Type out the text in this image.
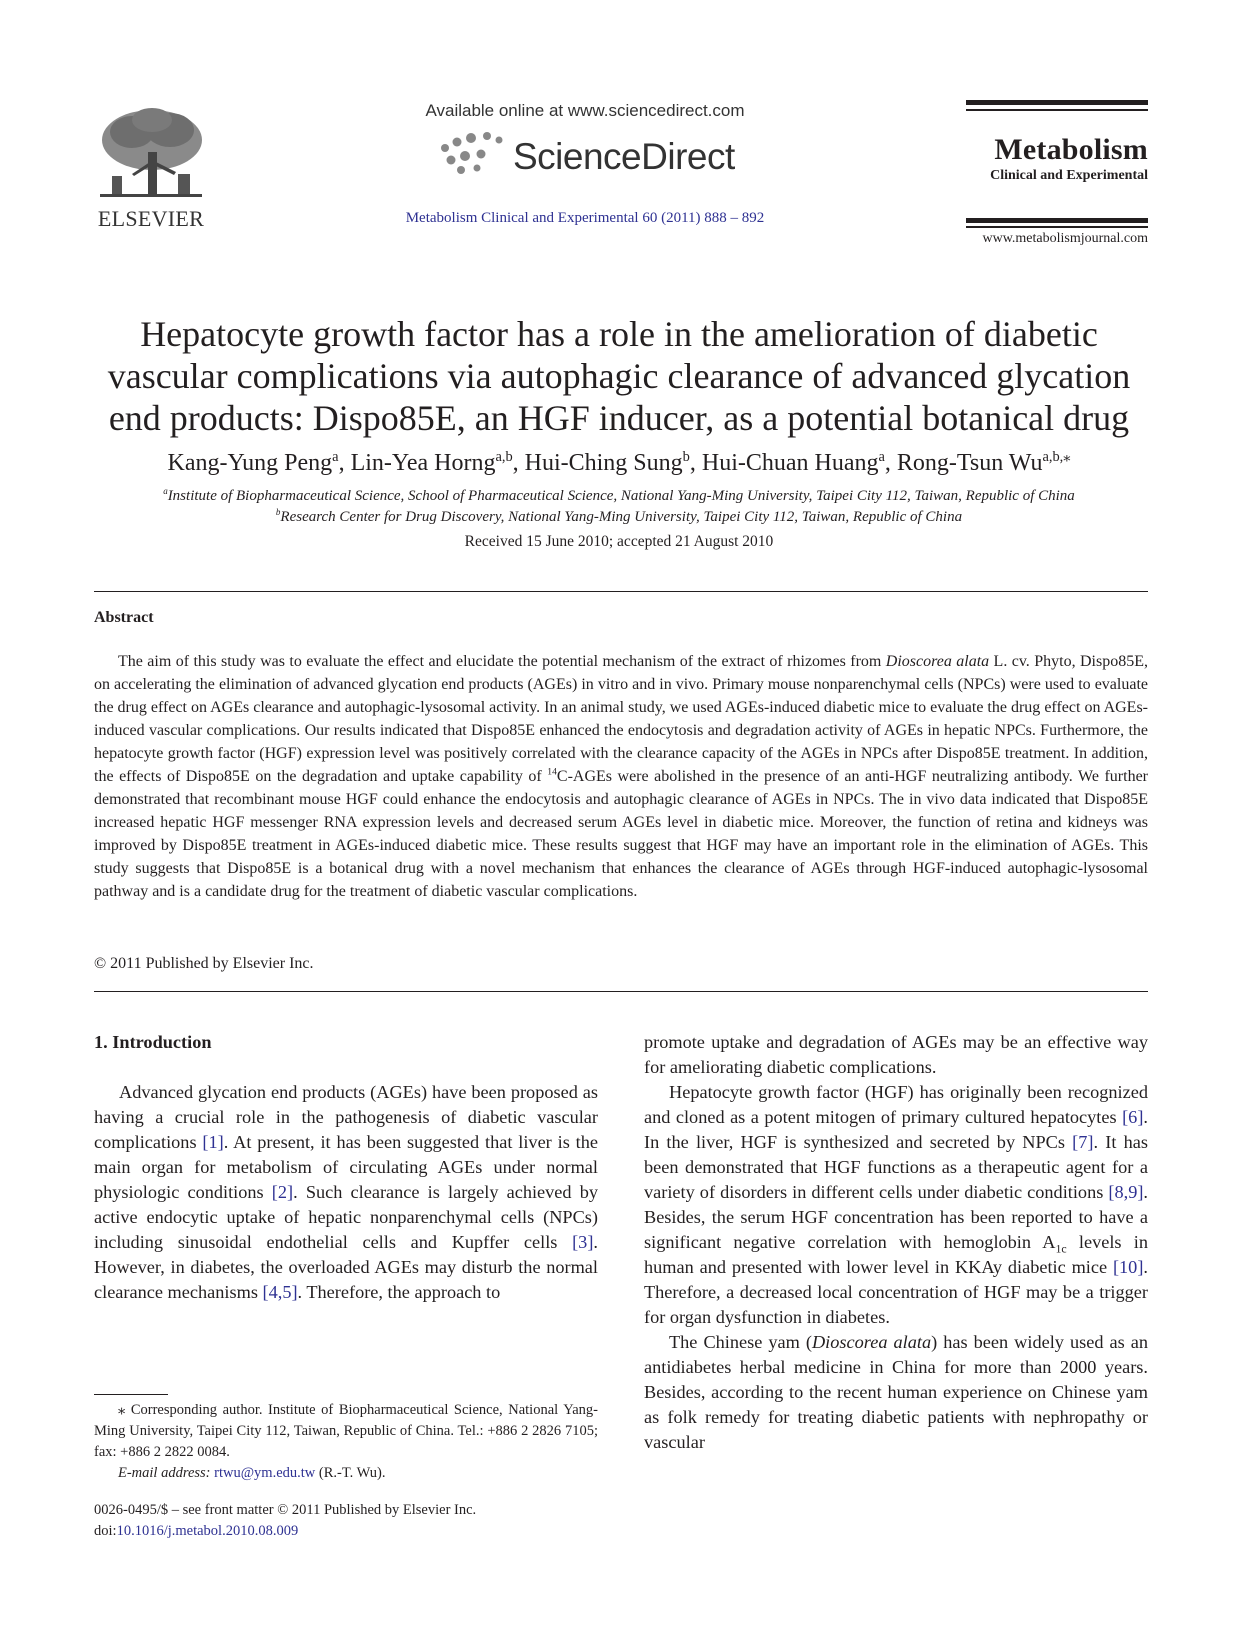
ELSEVIER
Available online at www.sciencedirect.com
ScienceDirect
Metabolism Clinical and Experimental 60 (2011) 888 – 892
Metabolism
Clinical and Experimental
www.metabolismjournal.com
Hepatocyte growth factor has a role in the amelioration of diabetic
vascular complications via autophagic clearance of advanced glycation
end products: Dispo85E, an HGF inducer, as a potential botanical drug
Kang-Yung Peng$^a$, Lin-Yea Horng$^{a,b}$, Hui-Ching Sung$^b$, Hui-Chuan Huang$^a$, Rong-Tsun $Wu^{a,b,⁎}$
$^a$Institute of Biopharmaceutical Science, School of Pharmaceutical Science, National Yang-Ming University, Taipei City 112, Taiwan, Republic of China
$^b$Research Center for Drug Discovery, National Yang-Ming University, Taipei City 112, Taiwan, Republic of China
Received 15 June 2010; accepted 21 August 2010
Abstract

The aim of this study was to evaluate the effect and elucidate the potential mechanism of the extract of rhizomes from Dioscorea alata L. cv. Phyto, Dispo85E, on accelerating the elimination of advanced glycation end products (AGEs) in vitro and in vivo. Primary mouse nonparenchymal cells (NPCs) were used to evaluate the drug effect on AGEs clearance and autophagic-lysosomal activity. In an animal study, we used AGEs-induced diabetic mice to evaluate the drug effect on AGEs-induced vascular complications. Our results indicated that Dispo85E enhanced the endocytosis and degradation activity of AGEs in hepatic NPCs. Furthermore, the hepatocyte growth factor (HGF) expression level was positively correlated with the clearance capacity of the AGEs in NPCs after Dispo85E treatment. In addition, the effects of Dispo85E on the degradation and uptake capability of $^{14}$C-AGEs were abolished in the presence of an anti-HGF neutralizing antibody. We further demonstrated that recombinant mouse HGF could enhance the endocytosis and autophagic clearance of AGEs in NPCs. The in vivo data indicated that Dispo85E increased hepatic HGF messenger RNA expression levels and decreased serum AGEs level in diabetic mice. Moreover, the function of retina and kidneys was improved by Dispo85E treatment in AGEs-induced diabetic mice. These results suggest that HGF may have an important role in the elimination of AGEs. This study suggests that Dispo85E is a botanical drug with a novel mechanism that enhances the clearance of AGEs through HGF-induced autophagic-lysosomal pathway and is a candidate drug for the treatment of diabetic vascular complications.

© 2011 Published by Elsevier Inc.
1. Introduction

Advanced glycation end products (AGEs) have been proposed as having a crucial role in the pathogenesis of diabetic vascular complications [1]. At present, it has been suggested that liver is the main organ for metabolism of circulating AGEs under normal physiologic conditions [2]. Such clearance is largely achieved by active endocytic uptake of hepatic nonparenchymal cells (NPCs) including sinusoidal endothelial cells and Kupffer cells [3]. However, in diabetes, the overloaded AGEs may disturb the normal clearance mechanisms [4,5]. Therefore, the approach to

promote uptake and degradation of AGEs may be an effective way for ameliorating diabetic complications.

Hepatocyte growth factor (HGF) has originally been recognized and cloned as a potent mitogen of primary cultured hepatocytes [6]. In the liver, HGF is synthesized and secreted by NPCs [7]. It has been demonstrated that HGF functions as a therapeutic agent for a variety of disorders in different cells under diabetic conditions [8,9]. Besides, the serum HGF concentration has been reported to have a significant negative correlation with hemoglobin $A_{1c}$ levels in human and presented with lower level in KKAy diabetic mice [10]. Therefore, a decreased local concentration of HGF may be a trigger for organ dysfunction in diabetes.

The Chinese yam (Dioscorea alata) has been widely used as an antidiabetes herbal medicine in China for more than 2000 years. Besides, according to the recent human experience on Chinese yam as folk remedy for treating diabetic patients with nephropathy or vascular

⁎ Corresponding author. Institute of Biopharmaceutical Science, National Yang-Ming University, Taipei City 112, Taiwan, Republic of China. Tel.: +886 2 2826 7105; fax: +886 2 2822 0084.

E-mail address: rtwu@ym.edu.tw (R.-T. Wu).

0026-0495/$ – see front matter © 2011 Published by Elsevier Inc.
doi:10.1016/j.metabol.2010.08.009
